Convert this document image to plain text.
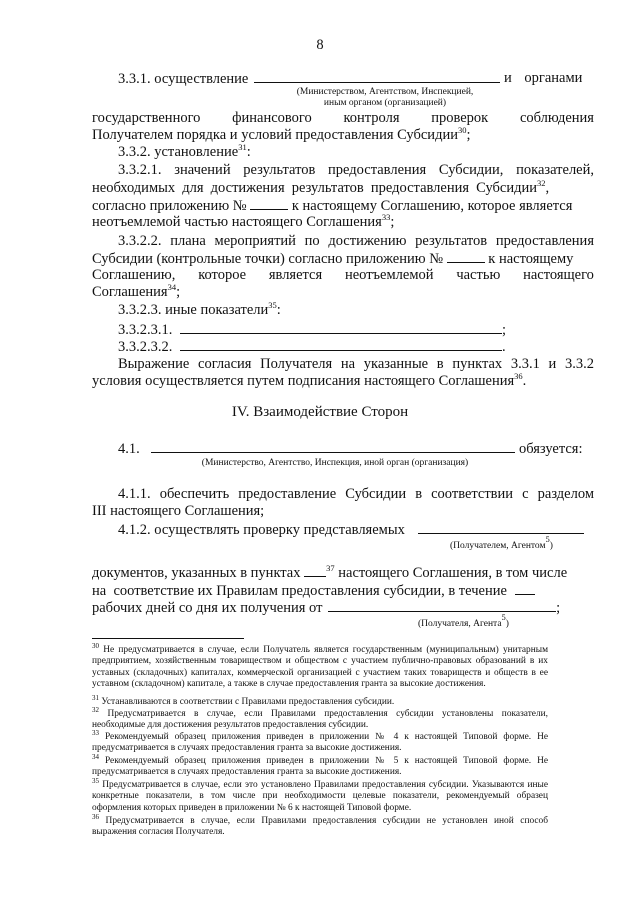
8
3.3.1. осуществление	и органами
(Министерством, Агентством, Инспекцией,
иным органом (организацией)
государственного финансового контроля проверок соблюдения
Получателем порядка и условий предоставления Субсидии$^{30}$;
3.3.2. установление$^{31}$:
3.3.2.1. значений результатов предоставления Субсидии, показателей,
необходимых для достижения результатов предоставления Субсидии$^{32}$,
согласно приложению №	к настоящему Соглашению, которое является
неотъемлемой частью настоящего Соглашения$^{33}$;
3.3.2.2. плана мероприятий по достижению результатов предоставления
Субсидии (контрольные точки) согласно приложению №	к настоящему
Соглашению, которое является неотъемлемой частью настоящего
Соглашения$^{34}$;
3.3.2.3. иные показатели$^{35}$:
3.3.2.3.1.	;
3.3.2.3.2.	.
Выражение согласия Получателя на указанные в пунктах 3.3.1 и 3.3.2
условия осуществляется путем подписания настоящего Соглашения$^{36}$.
IV. Взаимодействие Сторон
4.1.	обязуется:
(Министерство, Агентство, Инспекция, иной орган (организация)
4.1.1. обеспечить предоставление Субсидии в соответствии с разделом
III настоящего Соглашения;
4.1.2. осуществлять проверку представляемых
(Получателем, Агентом$^5$)
документов, указанных в пунктах	$^{37}$ настоящего Соглашения, в том числе
на  соответствие их Правилам предоставления субсидии, в течение
рабочих дней со дня их получения от	;
(Получателя, Агента$^5$)
$^{30}$ Не предусматривается в случае, если Получатель является государственным (муниципальным) унитарным предприятием, хозяйственным товариществом и обществом с участием публично-правовых образований в их уставных (складочных) капиталах, коммерческой организацией с участием таких товариществ и обществ в ее уставном (складочном) капитале, а также в случае предоставления гранта за высокие достижения.
$^{31}$ Устанавливаются в соответствии с Правилами предоставления субсидии.
$^{32}$ Предусматривается в случае, если Правилами предоставления субсидии установлены показатели, необходимые для достижения результатов предоставления субсидии.
$^{33}$ Рекомендуемый образец приложения приведен в приложении № 4 к настоящей Типовой форме. Не предусматривается в случаях предоставления гранта за высокие достижения.
$^{34}$ Рекомендуемый образец приложения приведен в приложении № 5 к настоящей Типовой форме. Не предусматривается в случаях предоставления гранта за высокие достижения.
$^{35}$ Предусматривается в случае, если это установлено Правилами предоставления субсидии. Указываются иные конкретные показатели, в том числе при необходимости целевые показатели, рекомендуемый образец оформления которых приведен в приложении № 6 к настоящей Типовой форме.
$^{36}$ Предусматривается в случае, если Правилами предоставления субсидии не установлен иной способ выражения согласия Получателя.
